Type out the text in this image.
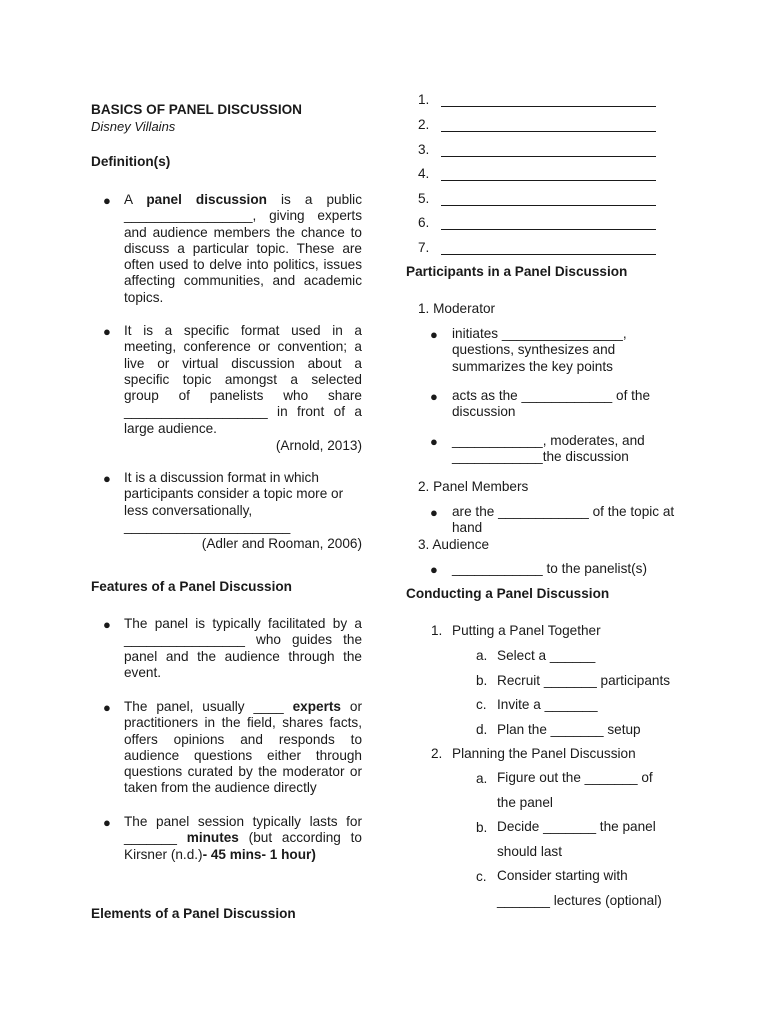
BASICS OF PANEL DISCUSSION
Disney Villains
Definition(s)
● A panel discussion is a public
_________________, giving experts
and audience members the chance to discuss a particular topic. These are often used to delve into politics, issues affecting communities, and academic topics.
● It is a specific format used in a meeting, conference or convention; a live or virtual discussion about a specific topic amongst a selected group of panelists who share ___________________ in front of a large audience.
(Arnold, 2013)
● It is a discussion format in which participants consider a topic more or less conversationally,
______________________
(Adler and Rooman, 2006)
Features of a Panel Discussion
● The panel is typically facilitated by a ________________ who guides the panel and the audience through the event.
● The panel, usually ____ experts or practitioners in the field, shares facts, offers opinions and responds to audience questions either through questions curated by the moderator or taken from the audience directly
● The panel session typically lasts for _______ minutes (but according to Kirsner (n.d.)- 45 mins- 1 hour)
Elements of a Panel Discussion
1.
2.
3.
4.
5.
6.
7.
Participants in a Panel Discussion
1. Moderator
● initiates ________________, questions, synthesizes and summarizes the key points
● acts as the ____________ of the discussion
● ____________, moderates, and
____________the discussion
2. Panel Members
● are the ____________ of the topic at hand
3. Audience
● ____________ to the panelist(s)
Conducting a Panel Discussion
1. Putting a Panel Together
a. Select a ______
b. Recruit _______ participants
c. Invite a _______
d. Plan the _______ setup
2. Planning the Panel Discussion
a. Figure out the _______ of
the panel
b. Decide _______ the panel
should last
c. Consider starting with
_______ lectures (optional)
